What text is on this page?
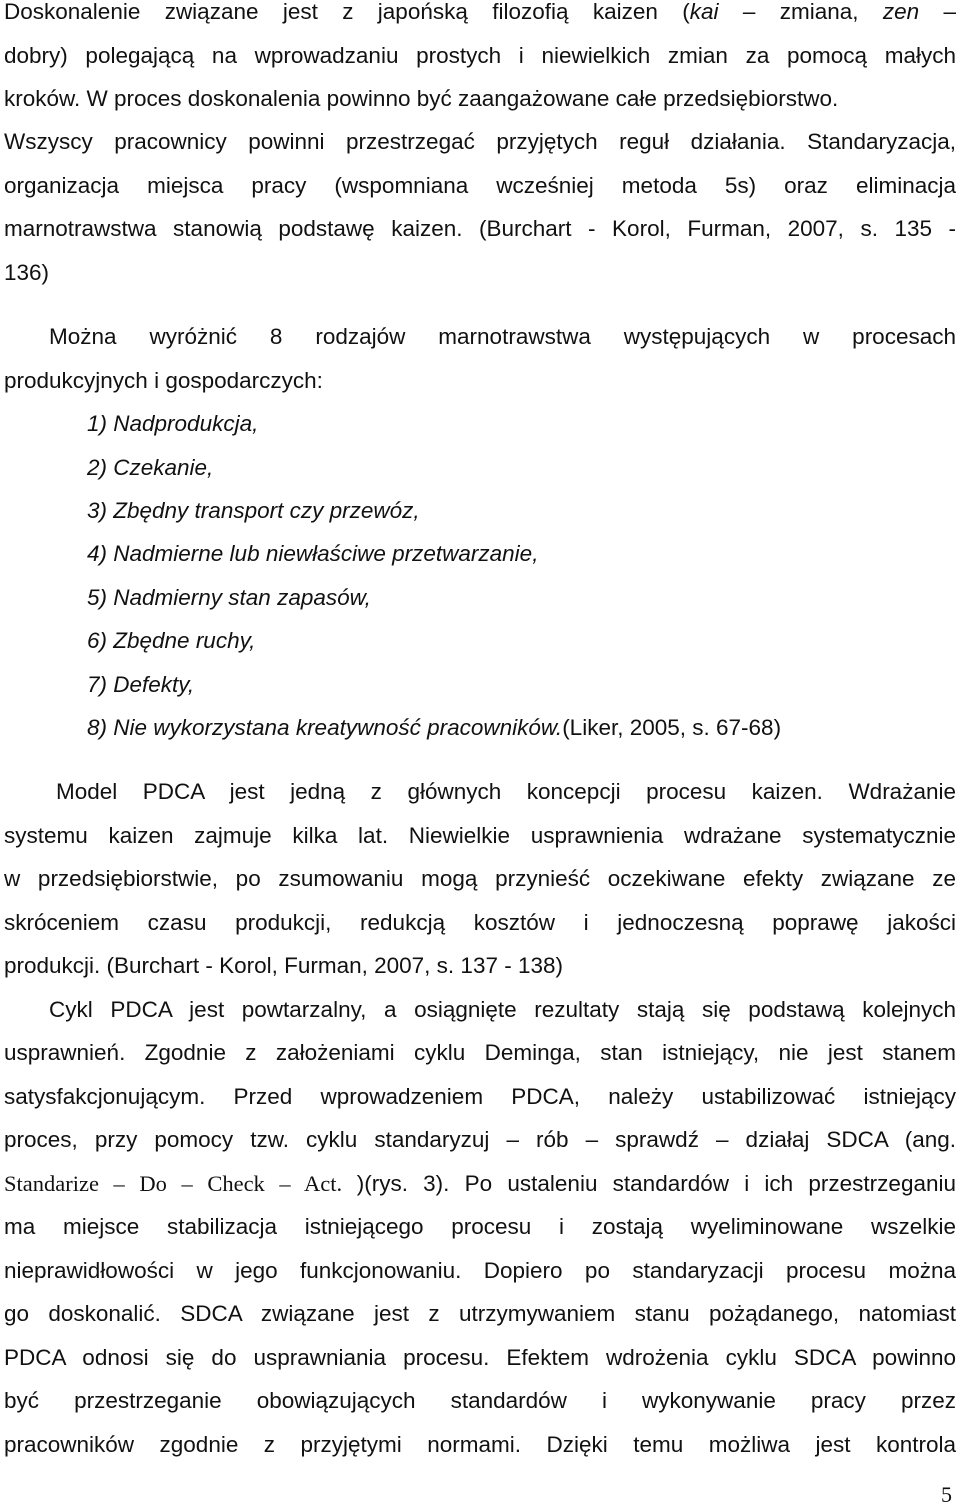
Doskonalenie związane jest z japońską filozofią kaizen (kai – zmiana, zen –
dobry) polegającą na wprowadzaniu prostych i niewielkich zmian za pomocą małych
kroków. W proces doskonalenia powinno być zaangażowane całe przedsiębiorstwo.
Wszyscy pracownicy powinni przestrzegać przyjętych reguł działania. Standaryzacja,
organizacja miejsca pracy (wspomniana wcześniej metoda 5s) oraz eliminacja
marnotrawstwa stanowią podstawę kaizen. (Burchart - Korol, Furman, 2007, s. 135 -
136)
Można wyróżnić 8 rodzajów marnotrawstwa występujących w procesach
produkcyjnych i gospodarczych:
1) Nadprodukcja,
2) Czekanie,
3) Zbędny transport czy przewóz,
4) Nadmierne lub niewłaściwe przetwarzanie,
5) Nadmierny stan zapasów,
6) Zbędne ruchy,
7) Defekty,
8) Nie wykorzystana kreatywność pracowników.(Liker, 2005, s. 67-68)
Model PDCA jest jedną z głównych koncepcji procesu kaizen. Wdrażanie
systemu kaizen zajmuje kilka lat. Niewielkie usprawnienia wdrażane systematycznie
w przedsiębiorstwie, po zsumowaniu mogą przynieść oczekiwane efekty związane ze
skróceniem czasu produkcji, redukcją kosztów i jednoczesną poprawę jakości
produkcji. (Burchart - Korol, Furman, 2007, s. 137 - 138)
Cykl PDCA jest powtarzalny, a osiągnięte rezultaty stają się podstawą kolejnych
usprawnień. Zgodnie z założeniami cyklu Deminga, stan istniejący, nie jest stanem
satysfakcjonującym. Przed wprowadzeniem PDCA, należy ustabilizować istniejący
proces, przy pomocy tzw. cyklu standaryzuj – rób – sprawdź – działaj SDCA (ang.
Standarize – Do – Check – Act. )(rys. 3). Po ustaleniu standardów i ich przestrzeganiu
ma miejsce stabilizacja istniejącego procesu i zostają wyeliminowane wszelkie
nieprawidłowości w jego funkcjonowaniu. Dopiero po standaryzacji procesu można
go doskonalić. SDCA związane jest z utrzymywaniem stanu pożądanego, natomiast
PDCA odnosi się do usprawniania procesu. Efektem wdrożenia cyklu SDCA powinno
być przestrzeganie obowiązujących standardów i wykonywanie pracy przez
pracowników zgodnie z przyjętymi normami. Dzięki temu możliwa jest kontrola
5
